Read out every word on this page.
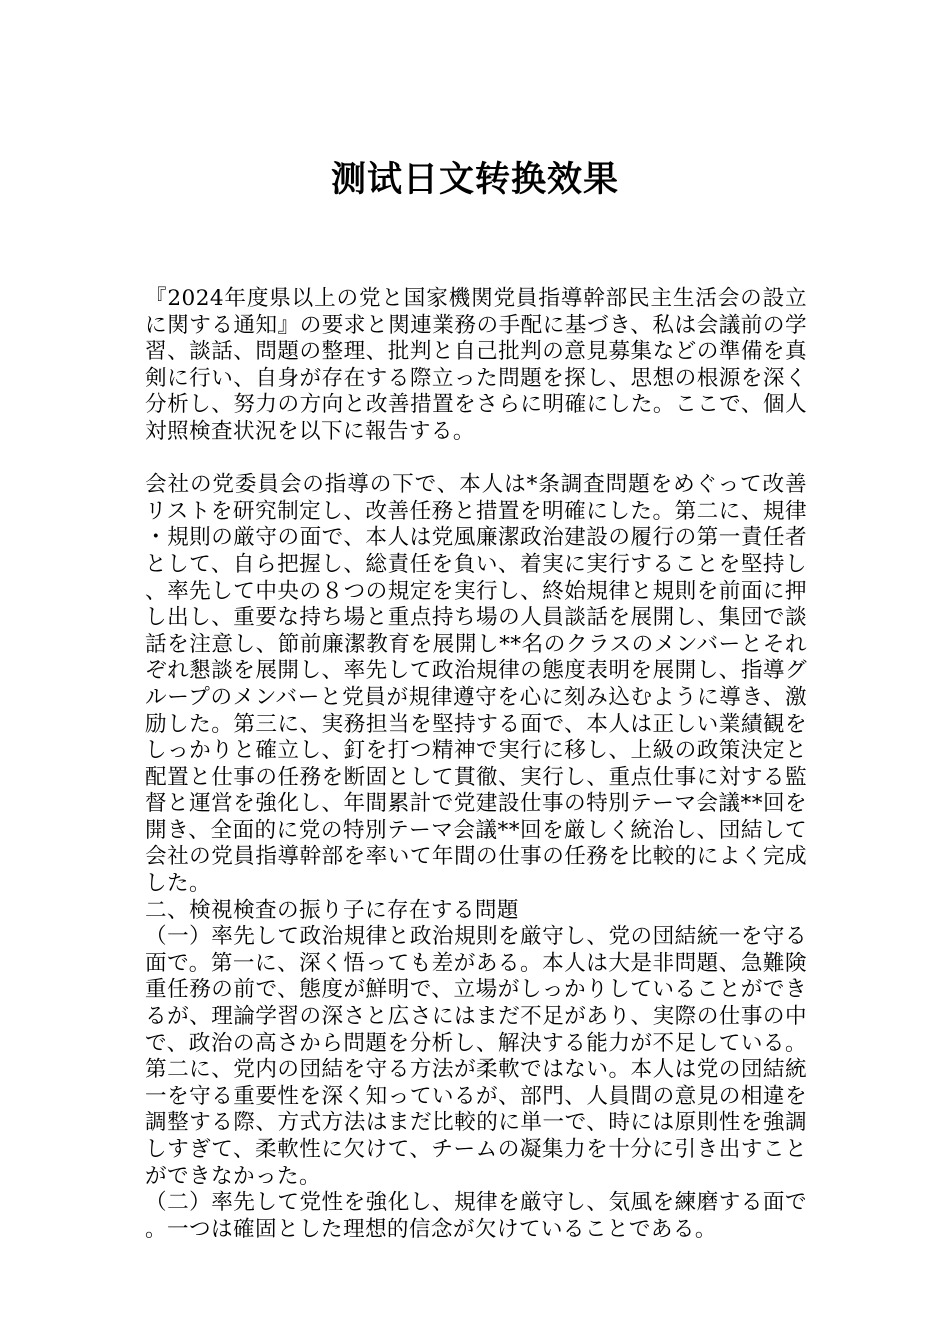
测试日文转换效果

『2024年度県以上の党と国家機関党員指導幹部民主生活会の設立に関する通知』の要求と関連業務の手配に基づき、私は会議前の学習、談話、問題の整理、批判と自己批判の意見募集などの準備を真剣に行い、自身が存在する際立った問題を探し、思想の根源を深く分析し、努力の方向と改善措置をさらに明確にした。ここで、個人対照検査状況を以下に報告する。

会社の党委員会の指導の下で、本人は*条調査問題をめぐって改善リストを研究制定し、改善任務と措置を明確にした。第二に、規律・規則の厳守の面で、本人は党風廉潔政治建設の履行の第一責任者として、自ら把握し、総責任を負い、着実に実行することを堅持し、率先して中央の８つの規定を実行し、終始規律と規則を前面に押し出し、重要な持ち場と重点持ち場の人員談話を展開し、集団で談話を注意し、節前廉潔教育を展開し**名のクラスのメンバーとそれぞれ懇談を展開し、率先して政治規律の態度表明を展開し、指導グループのメンバーと党員が規律遵守を心に刻み込むように導き、激励した。第三に、実務担当を堅持する面で、本人は正しい業績観をしっかりと確立し、釘を打つ精神で実行に移し、上級の政策決定と配置と仕事の任務を断固として貫徹、実行し、重点仕事に対する監督と運営を強化し、年間累計で党建設仕事の特別テーマ会議**回を開き、全面的に党の特別テーマ会議**回を厳しく統治し、団結して会社の党員指導幹部を率いて年間の仕事の任務を比較的によく完成した。

二、検視検査の振り子に存在する問題

（一）率先して政治規律と政治規則を厳守し、党の団結統一を守る面で。第一に、深く悟っても差がある。本人は大是非問題、急難険重任務の前で、態度が鮮明で、立場がしっかりしていることができるが、理論学習の深さと広さにはまだ不足があり、実際の仕事の中で、政治の高さから問題を分析し、解決する能力が不足している。第二に、党内の団結を守る方法が柔軟ではない。本人は党の団結統一を守る重要性を深く知っているが、部門、人員間の意見の相違を調整する際、方式方法はまだ比較的に単一で、時には原則性を強調しすぎて、柔軟性に欠けて、チームの凝集力を十分に引き出すことができなかった。

（二）率先して党性を強化し、規律を厳守し、気風を練磨する面で。一つは確固とした理想的信念が欠けていることである。
